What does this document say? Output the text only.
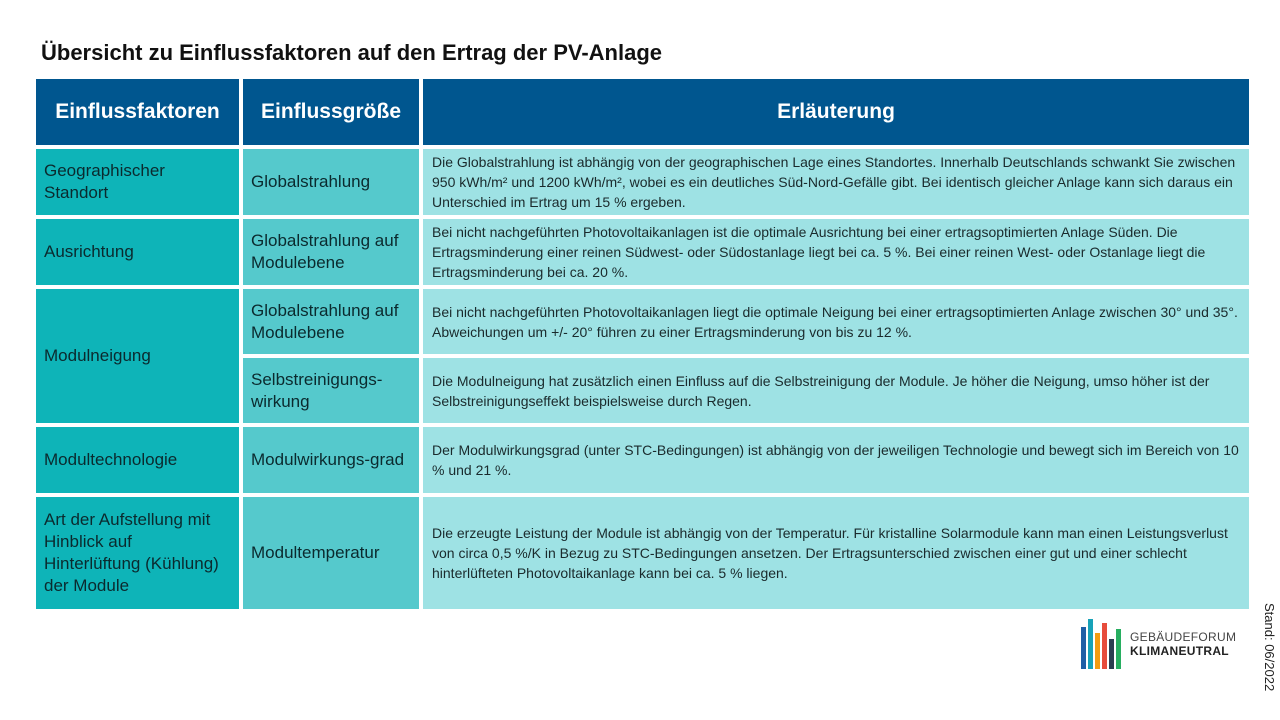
Übersicht zu Einflussfaktoren auf den Ertrag der PV-Anlage
Einflussfaktoren	Einflussgröße	Erläuterung
Geographischer Standort	Globalstrahlung	Die Globalstrahlung ist abhängig von der geographischen Lage eines Standortes. Innerhalb Deutschlands schwankt Sie zwischen 950 kWh/m² und 1200 kWh/m², wobei es ein deutliches Süd-Nord-Gefälle gibt. Bei identisch gleicher Anlage kann sich daraus ein Unterschied im Ertrag um 15 % ergeben.
Ausrichtung	Globalstrahlung auf Modulebene	Bei nicht nachgeführten Photovoltaikanlagen ist die optimale Ausrichtung bei einer ertragsoptimierten Anlage Süden. Die Ertragsminderung einer reinen Südwest- oder Südostanlage liegt bei ca. 5 %. Bei einer reinen West- oder Ostanlage liegt die Ertragsminderung bei ca. 20 %.
Modulneigung	Globalstrahlung auf Modulebene	Bei nicht nachgeführten Photovoltaikanlagen liegt die optimale Neigung bei einer ertragsoptimierten Anlage zwischen 30° und 35°. Abweichungen um +/- 20° führen zu einer Ertragsminderung von bis zu 12 %.
	Selbstreinigungs-wirkung	Die Modulneigung hat zusätzlich einen Einfluss auf die Selbstreinigung der Module. Je höher die Neigung, umso höher ist der Selbstreinigungseffekt beispielsweise durch Regen.
Modultechnologie	Modulwirkungs-grad	Der Modulwirkungsgrad (unter STC-Bedingungen) ist abhängig von der jeweiligen Technologie und bewegt sich im Bereich von 10 % und 21 %.
Art der Aufstellung mit Hinblick auf Hinterlüftung (Kühlung) der Module	Modultemperatur	Die erzeugte Leistung der Module ist abhängig von der Temperatur. Für kristalline Solarmodule kann man einen Leistungsverlust von circa 0,5 %/K in Bezug zu STC-Bedingungen ansetzen. Der Ertragsunterschied zwischen einer gut und einer schlecht hinterlüfteten Photovoltaikanlage kann bei ca. 5 % liegen.
GEBÄUDEFORUM
KLIMANEUTRAL	Stand: 06/2022
